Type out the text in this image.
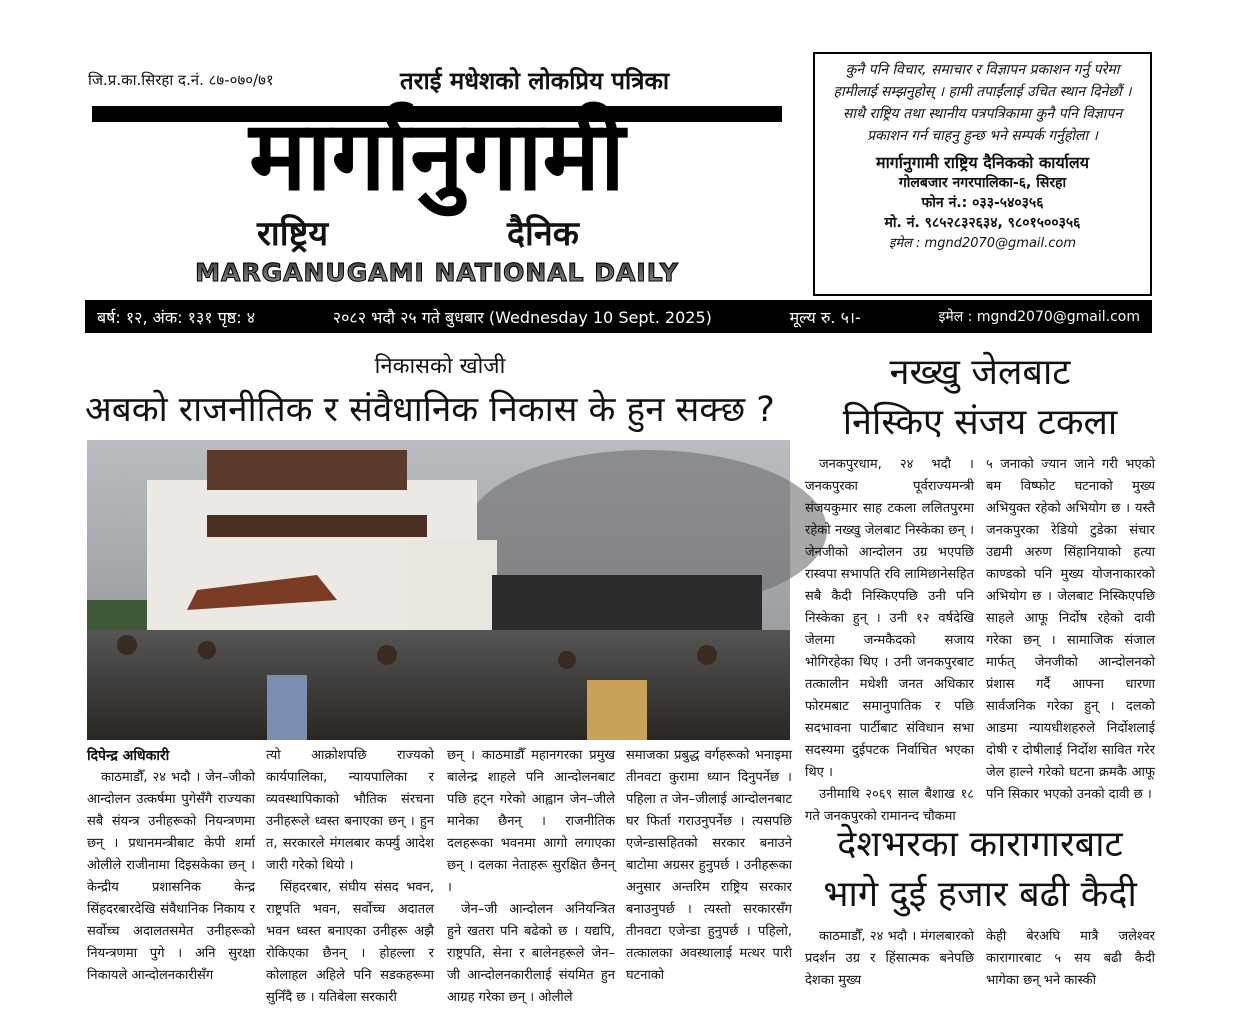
जि.प्र.का.सिरहा द.नं. ८७-०७०/७१
मार्गानुगामी
राष्ट्रिय	दैनिक
MARGANUGAMI NATIONAL DAILY
तराई मधेशको लोकप्रिय पत्रिका	कुनै पनि विचार, समाचार र विज्ञापन प्रकाशन गर्नु परेमा हामीलाई सम्झनुहोस् । हामी तपाईंलाई उचित स्थान दिनेछौं । साथै राष्ट्रिय तथा स्थानीय पत्रपत्रिकामा कुनै पनि विज्ञापन प्रकाशन गर्न चाहनु हुन्छ भने सम्पर्क गर्नुहोला ।
मार्गानुगामी राष्ट्रिय दैनिकको कार्यालय
गोलबजार नगरपालिका-६, सिरहा
फोन नं.: ०३३-५४०३५६
मो. नं. ९८५२८३२६३४, ९८०१५००३५६
इमेल : mgnd2070@gmail.com
बर्ष: १२, अंक: १३१ पृष्ठ: ४	२०८२ भदौ २५ गते बुधबार (Wednesday 10 Sept. 2025)	मूल्य रु. ५।-	इमेल : mgnd2070@gmail.com
निकासको खोजी
अबको राजनीतिक र संवैधानिक निकास के हुन सक्छ ?
दिपेन्द्र अधिकारी

काठमाडौँ, २४ भदौ । जेन–जीको आन्दोलन उत्कर्षमा पुगेसँगै राज्यका सबै संयन्त्र उनीहरूको नियन्त्रणमा छन् । प्रधानमन्त्रीबाट केपी शर्मा ओलीले राजीनामा दिइसकेका छन् । केन्द्रीय प्रशासनिक केन्द्र सिंहदरबारदेखि संवैधानिक निकाय र सर्वोच्च अदालतसमेत उनीहरूको नियन्त्रणमा पुगे । अनि सुरक्षा निकायले आन्दोलनकारीसँग

त्यो आक्रोशपछि राज्यको कार्यपालिका, न्यायपालिका र व्यवस्थापिकाको भौतिक संरचना उनीहरूले ध्वस्त बनाएका छन् । हुन त, सरकारले मंगलबार कर्फ्यु आदेश जारी गरेको थियो ।

सिंहदरबार, संघीय संसद भवन, राष्ट्रपति भवन, सर्वोच्च अदातल भवन ध्वस्त बनाएका उनीहरू अझै रोकिएका छैनन् । होहल्ला र कोलाहल अहिले पनि सडकहरूमा सुनिँदै छ । यतिबेला सरकारी

छन् । काठमाडौँ महानगरका प्रमुख बालेन्द्र शाहले पनि आन्दोलनबाट पछि हट्न गरेको आह्वान जेन–जीले मानेका छैनन् । राजनीतिक दलहरूका भवनमा आगो लगाएका छन् । दलका नेताहरू सुरक्षित छैनन् ।

जेन–जी आन्दोलन अनियन्त्रित हुने खतरा पनि बढेको छ । यद्यपि, राष्ट्रपति, सेना र बालेनहरूले जेन–जी आन्दोलनकारीलाई संयमित हुन आग्रह गरेका छन् । ओलीले

समाजका प्रबुद्ध वर्गहरूको भनाइमा तीनवटा कुरामा ध्यान दिनुपर्नेछ । पहिला त जेन–जीलाई आन्दोलनबाट घर फिर्ता गराउनुपर्नेछ । त्यसपछि एजेन्डासहितको सरकार बनाउने बाटोमा अग्रसर हुनुपर्छ । उनीहरूका अनुसार अन्तरिम राष्ट्रिय सरकार बनाउनुपर्छ । त्यस्तो सरकारसँग तीनवटा एजेन्डा हुनुपर्छ । पहिलो, तत्कालका अवस्थालाई मत्थर पारी घटनाको

नख्खु जेलबाट
निस्किए संजय टकला

जनकपुरधाम, २४ भदौ । जनकपुरका पूर्वराज्यमन्त्री संजयकुमार साह टकला ललितपुरमा रहेको नख्खु जेलबाट निस्केका छन् । जेनजीको आन्दोलन उग्र भएपछि रास्वपा सभापति रवि लामिछानेसहित सबै कैदी निस्किएपछि उनी पनि निस्केका हुन् । उनी १२ वर्षदेखि जेलमा जन्मकैदको सजाय भोगिरहेका थिए । उनी जनकपुरबाट तत्कालीन मधेशी जनत अधिकार फोरमबाट समानुपातिक र पछि सदभावना पार्टीबाट संविधान सभा सदस्यमा दुईपटक निर्वाचित भएका थिए ।

उनीमाथि २०६९ साल बैशाख १८ गते जनकपुरको रामानन्द चौकमा

५ जनाको ज्यान जाने गरी भएको बम विष्फोट घटनाको मुख्य अभियुक्त रहेको अभियोग छ । यस्तै जनकपुरका रेडियो टुडेका संचार उद्यमी अरुण सिंहानियाको हत्या काण्डको पनि मुख्य योजनाकारको अभियोग छ । जेलबाट निस्किएपछि साहले आफू निर्दोष रहेको दावी गरेका छन् । सामाजिक संजाल मार्फत् जेनजीको आन्दोलनको प्रंशास गर्दै आफ्ना धारणा सार्वजनिक गरेका हुन् । दलको आडमा न्यायधीशहरुले निर्दोशलाई दोषी र दोषीलाई निर्दोश सावित गरेर जेल हाल्ने गरेको घटना क्रमकै आफू पनि सिकार भएको उनको दावी छ ।

देशभरका कारागारबाट
भागे दुई हजार बढी कैदी

काठमाडौँ, २४ भदौ । मंगलबारको प्रदर्शन उग्र र हिंसात्मक बनेपछि देशका मुख्य

केही बेरअघि मात्रै जलेश्वर कारागारबाट ५ सय बढी कैदी भागेका छन् भने कास्की
